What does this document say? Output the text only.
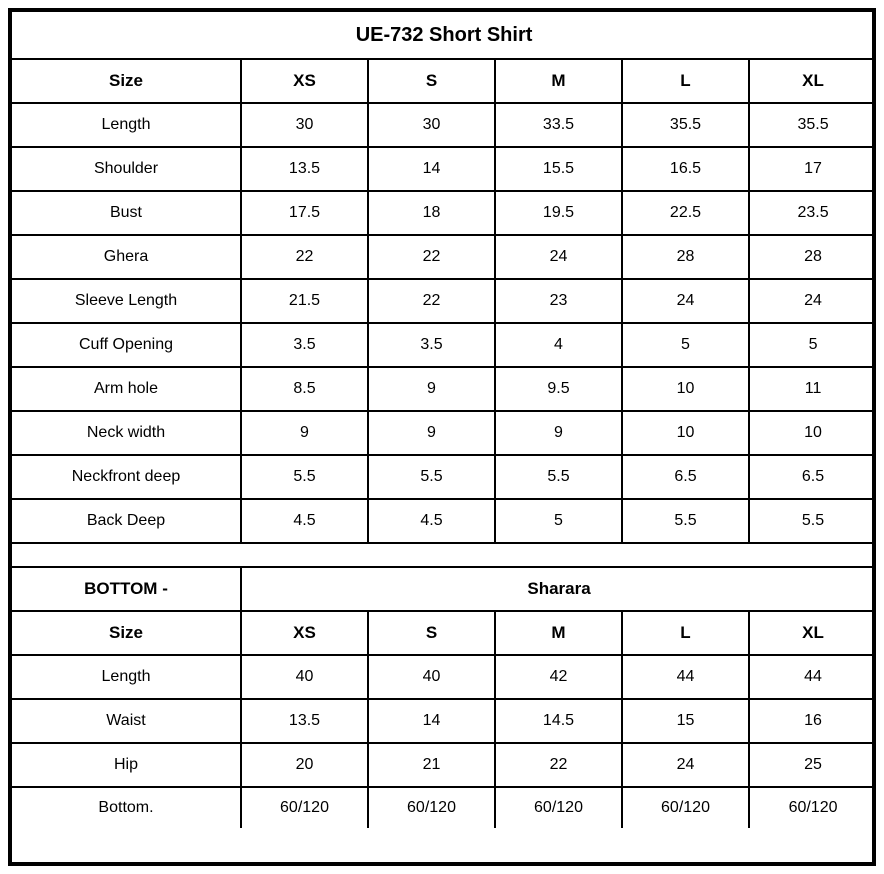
UE-732 Short Shirt					
Size	XS	S	M	L	XL
Length	30	30	33.5	35.5	35.5
Shoulder	13.5	14	15.5	16.5	17
Bust	17.5	18	19.5	22.5	23.5
Ghera	22	22	24	28	28
Sleeve Length	21.5	22	23	24	24
Cuff Opening	3.5	3.5	4	5	5
Arm hole	8.5	9	9.5	10	11
Neck width	9	9	9	10	10
Neckfront deep	5.5	5.5	5.5	6.5	6.5
Back Deep	4.5	4.5	5	5.5	5.5

BOTTOM -	Sharara				
Size	XS	S	M	L	XL
Length	40	40	42	44	44
Waist	13.5	14	14.5	15	16
Hip	20	21	22	24	25
Bottom.	60/120	60/120	60/120	60/120	60/120
